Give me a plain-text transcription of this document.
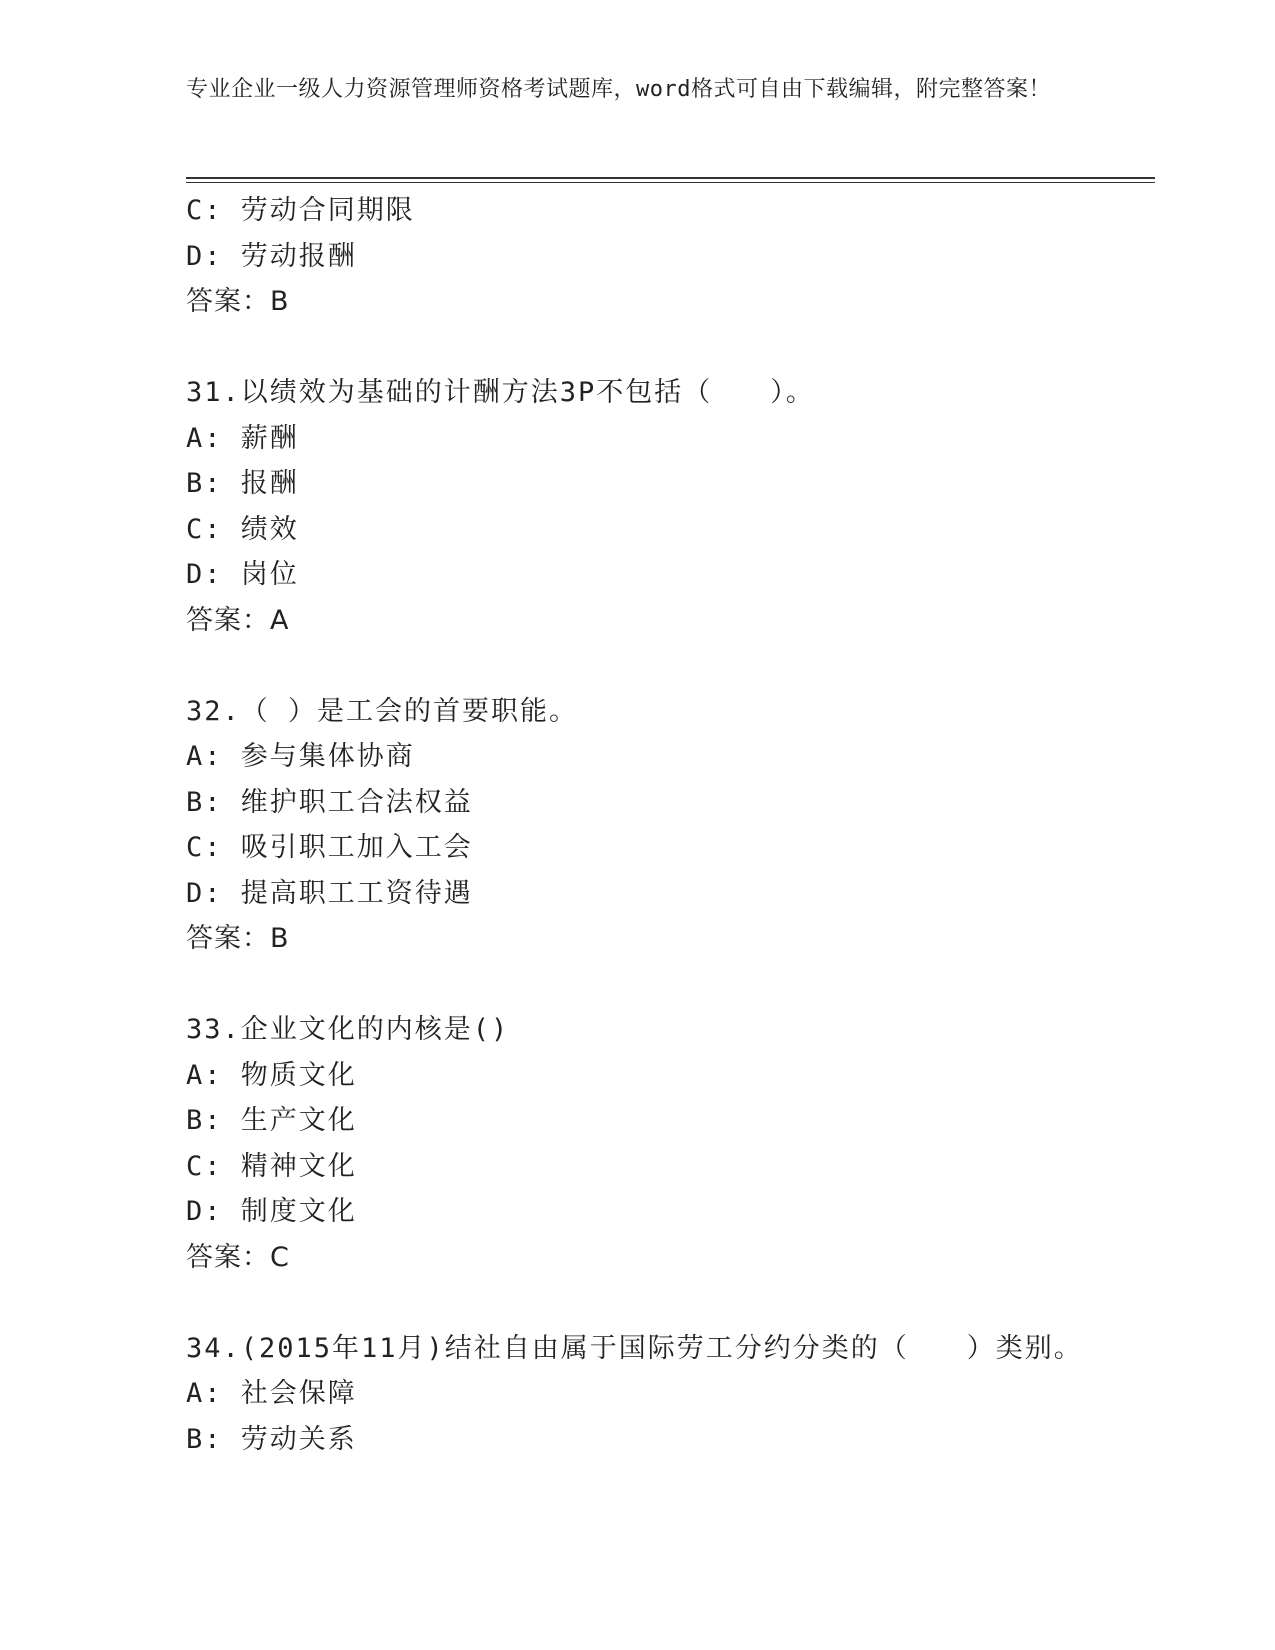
专业企业一级人力资源管理师资格考试题库，word格式可自由下载编辑，附完整答案！
C: 劳动合同期限
D: 劳动报酬
答案：B
31.以绩效为基础的计酬方法3P不包括（　　）。
A: 薪酬
B: 报酬
C: 绩效
D: 岗位
答案：A
32.（ ）是工会的首要职能。
A: 参与集体协商
B: 维护职工合法权益
C: 吸引职工加入工会
D: 提高职工工资待遇
答案：B
33.企业文化的内核是()
A: 物质文化
B: 生产文化
C: 精神文化
D: 制度文化
答案：C
34.(2015年11月)结社自由属于国际劳工分约分类的（　　）类别。
A: 社会保障
B: 劳动关系
